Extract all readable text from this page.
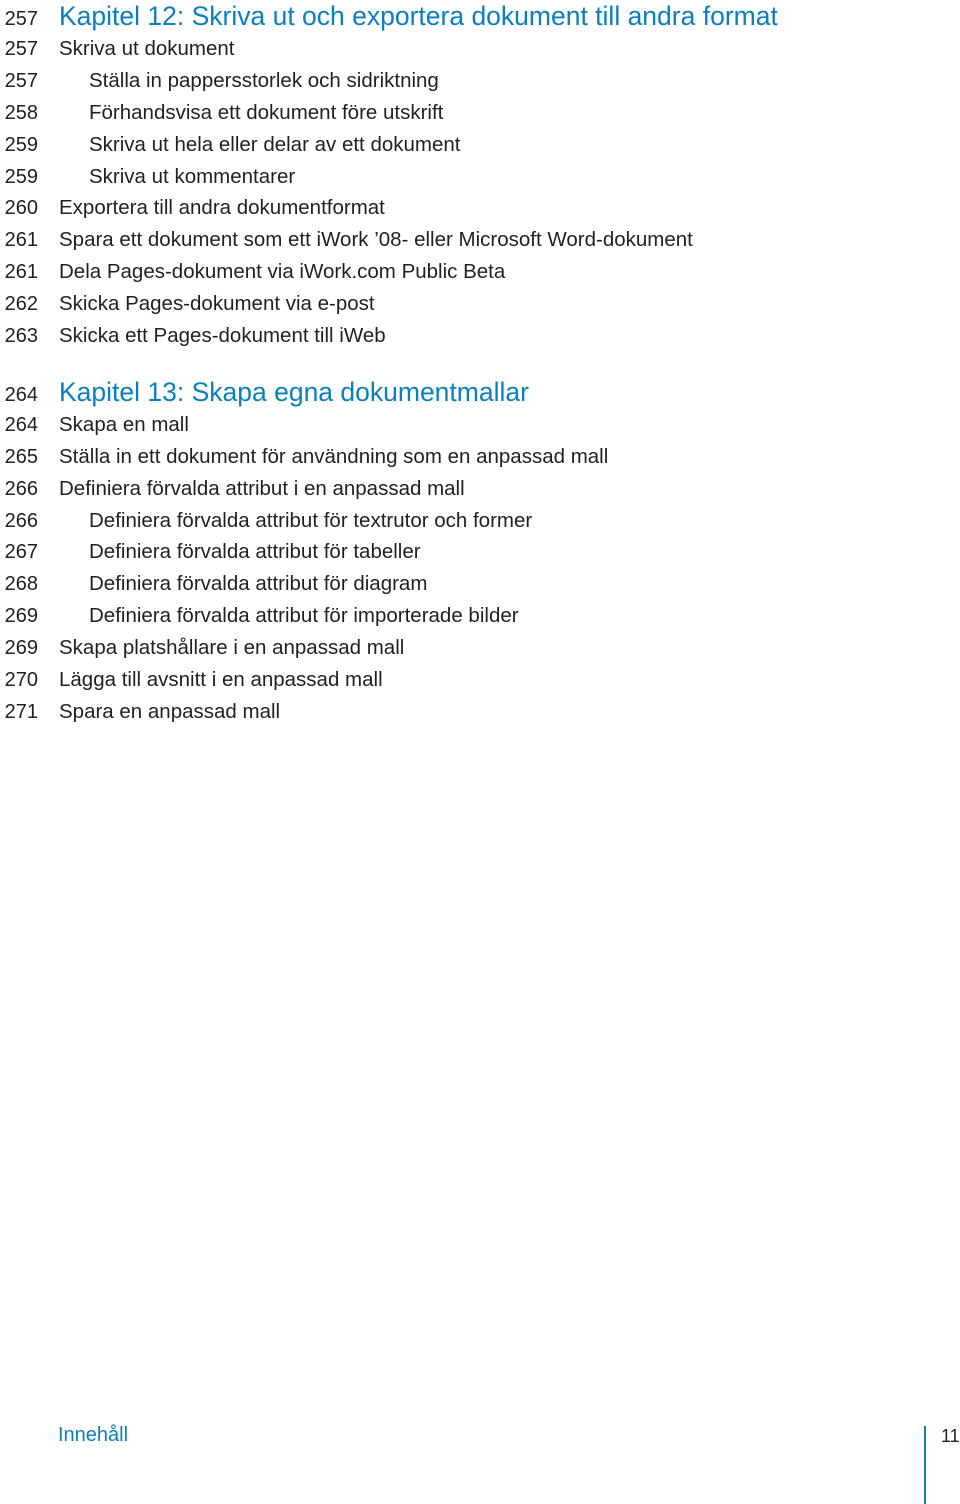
257 Kapitel 12: Skriva ut och exportera dokument till andra format
257 Skriva ut dokument
257 Ställa in pappersstorlek och sidriktning
258 Förhandsvisa ett dokument före utskrift
259 Skriva ut hela eller delar av ett dokument
259 Skriva ut kommentarer
260 Exportera till andra dokumentformat
261 Spara ett dokument som ett iWork ’08- eller Microsoft Word-dokument
261 Dela Pages-dokument via iWork.com Public Beta
262 Skicka Pages-dokument via e-post
263 Skicka ett Pages-dokument till iWeb
264 Kapitel 13: Skapa egna dokumentmallar
264 Skapa en mall
265 Ställa in ett dokument för användning som en anpassad mall
266 Definiera förvalda attribut i en anpassad mall
266 Definiera förvalda attribut för textrutor och former
267 Definiera förvalda attribut för tabeller
268 Definiera förvalda attribut för diagram
269 Definiera förvalda attribut för importerade bilder
269 Skapa platshållare i en anpassad mall
270 Lägga till avsnitt i en anpassad mall
271 Spara en anpassad mall
Innehåll	11
